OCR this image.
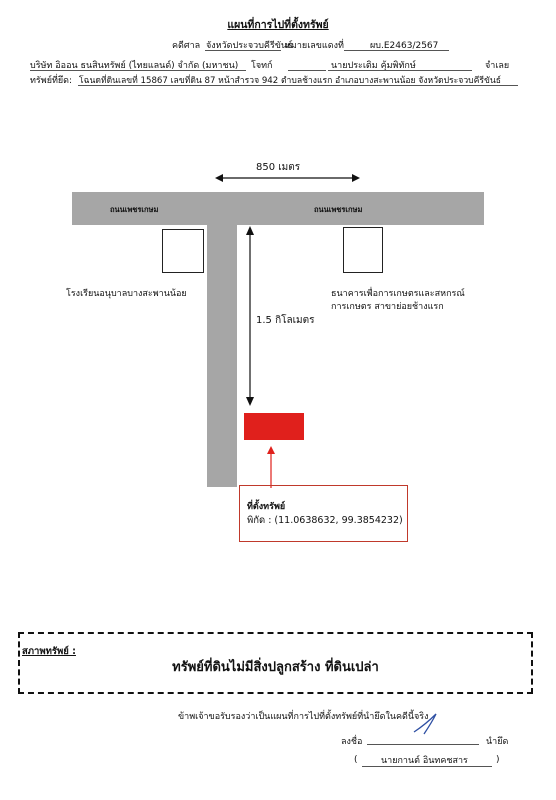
แผนที่การไปที่ตั้งทรัพย์
คดีศาล จังหวัดประจวบคีรีขันธ์
หมายเลขแดงที่	ผบ.E2463/2567
บริษัท อิออน ธนสินทรัพย์ (ไทยแลนด์) จำกัด (มหาชน) โจทก์	นายประเติม คุ้มพิทักษ์	จำเลย
ทรัพย์ที่ยึด: โฉนดที่ดินเลขที่ 15867 เลขที่ดิน 87 หน้าสำรวจ 942 ตำบลช้างแรก อำเภอบางสะพานน้อย จังหวัดประจวบคีรีขันธ์
850 เมตร
ถนนเพชรเกษม	ถนนเพชรเกษม
โรงเรียนอนุบาลบางสะพานน้อย	ธนาคารเพื่อการเกษตรและสหกรณ์
การเกษตร สาขาย่อยช้างแรก
1.5 กิโลเมตร
ที่ตั้งทรัพย์
พิกัด : (11.0638632, 99.3854232)
สภาพทรัพย์ :
ทรัพย์ที่ดินไม่มีสิ่งปลูกสร้าง ที่ดินเปล่า
ข้าพเจ้าขอรับรองว่าเป็นแผนที่การไปที่ตั้งทรัพย์ที่นำยึดในคดีนี้จริง
ลงชื่อ	นำยึด
(	นายกานต์ อินทคชสาร	)
